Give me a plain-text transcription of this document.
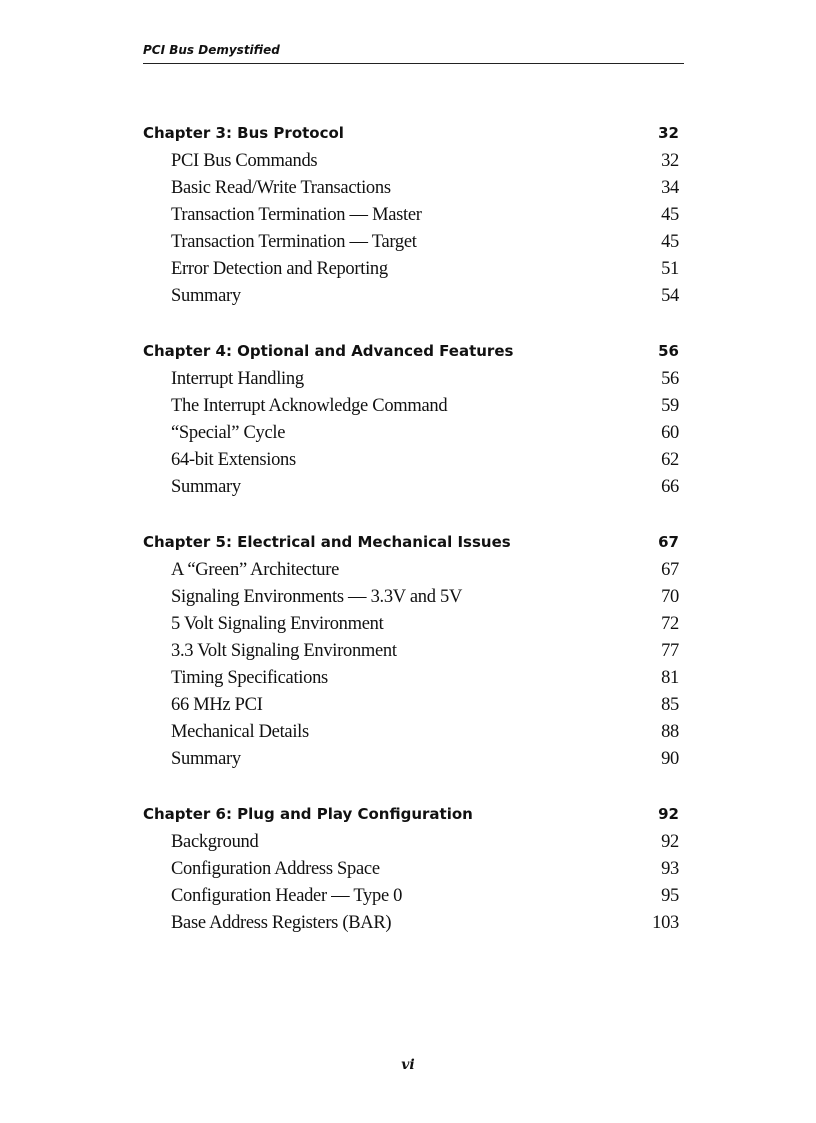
PCI Bus Demystified
Chapter 3: Bus Protocol	32
PCI Bus Commands	32
Basic Read/Write Transactions	34
Transaction Termination — Master	45
Transaction Termination — Target	45
Error Detection and Reporting	51
Summary	54
Chapter 4: Optional and Advanced Features	56
Interrupt Handling	56
The Interrupt Acknowledge Command	59
“Special” Cycle	60
64-bit Extensions	62
Summary	66
Chapter 5: Electrical and Mechanical Issues	67
A “Green” Architecture	67
Signaling Environments — 3.3V and 5V	70
5 Volt Signaling Environment	72
3.3 Volt Signaling Environment	77
Timing Specifications	81
66 MHz PCI	85
Mechanical Details	88
Summary	90
Chapter 6: Plug and Play Configuration	92
Background	92
Configuration Address Space	93
Configuration Header — Type 0	95
Base Address Registers (BAR)	103
vi
